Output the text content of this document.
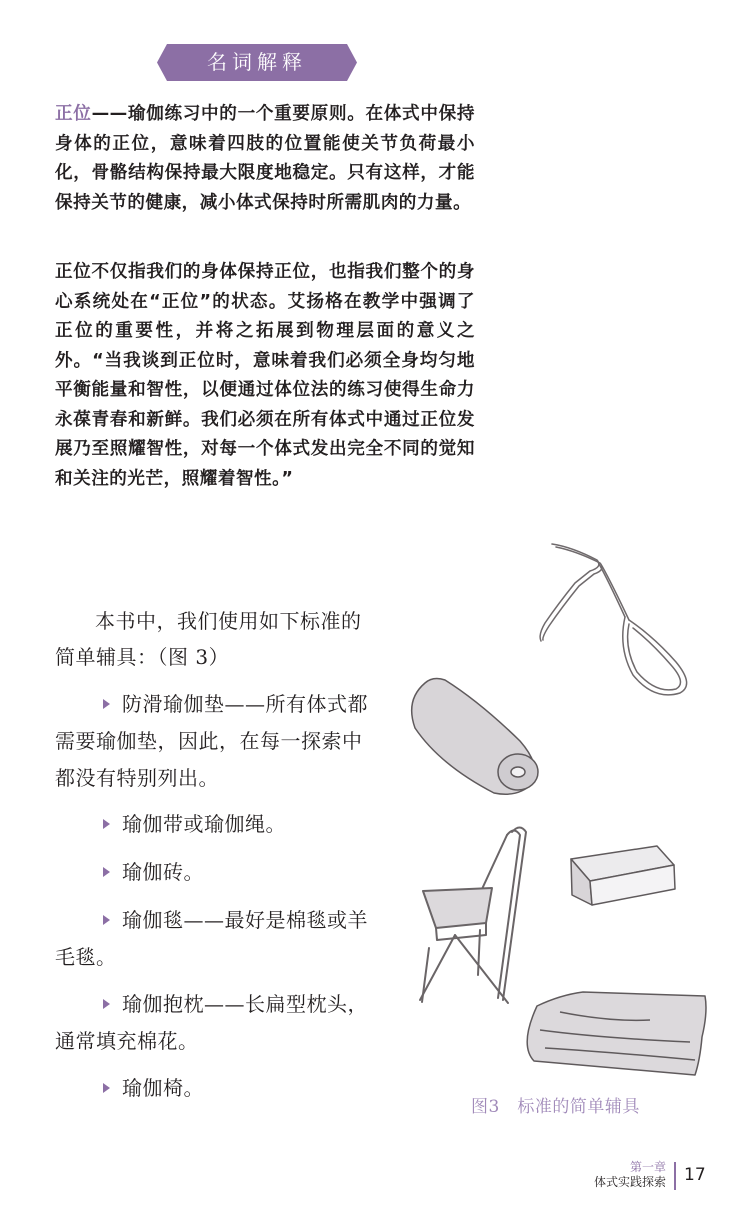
名词解释

正位——瑜伽练习中的一个重要原则。在体式中保持身体的正位，意味着四肢的位置能使关节负荷最小化，骨骼结构保持最大限度地稳定。只有这样，才能保持关节的健康，减小体式保持时所需肌肉的力量。

正位不仅指我们的身体保持正位，也指我们整个的身心系统处在“正位”的状态。艾扬格在教学中强调了正位的重要性，并将之拓展到物理层面的意义之外。“当我谈到正位时，意味着我们必须全身均匀地平衡能量和智性，以便通过体位法的练习使得生命力永葆青春和新鲜。我们必须在所有体式中通过正位发展乃至照耀智性，对每一个体式发出完全不同的觉知和关注的光芒，照耀着智性。”

本书中，我们使用如下标准的简单辅具：（图 3）

防滑瑜伽垫——所有体式都需要瑜伽垫，因此，在每一探索中都没有特别列出。

瑜伽带或瑜伽绳。

瑜伽砖。

瑜伽毯——最好是棉毯或羊毛毯。

瑜伽抱枕——长扁型枕头，通常填充棉花。

瑜伽椅。

图3　标准的简单辅具
第一章
体式实践探索 17
